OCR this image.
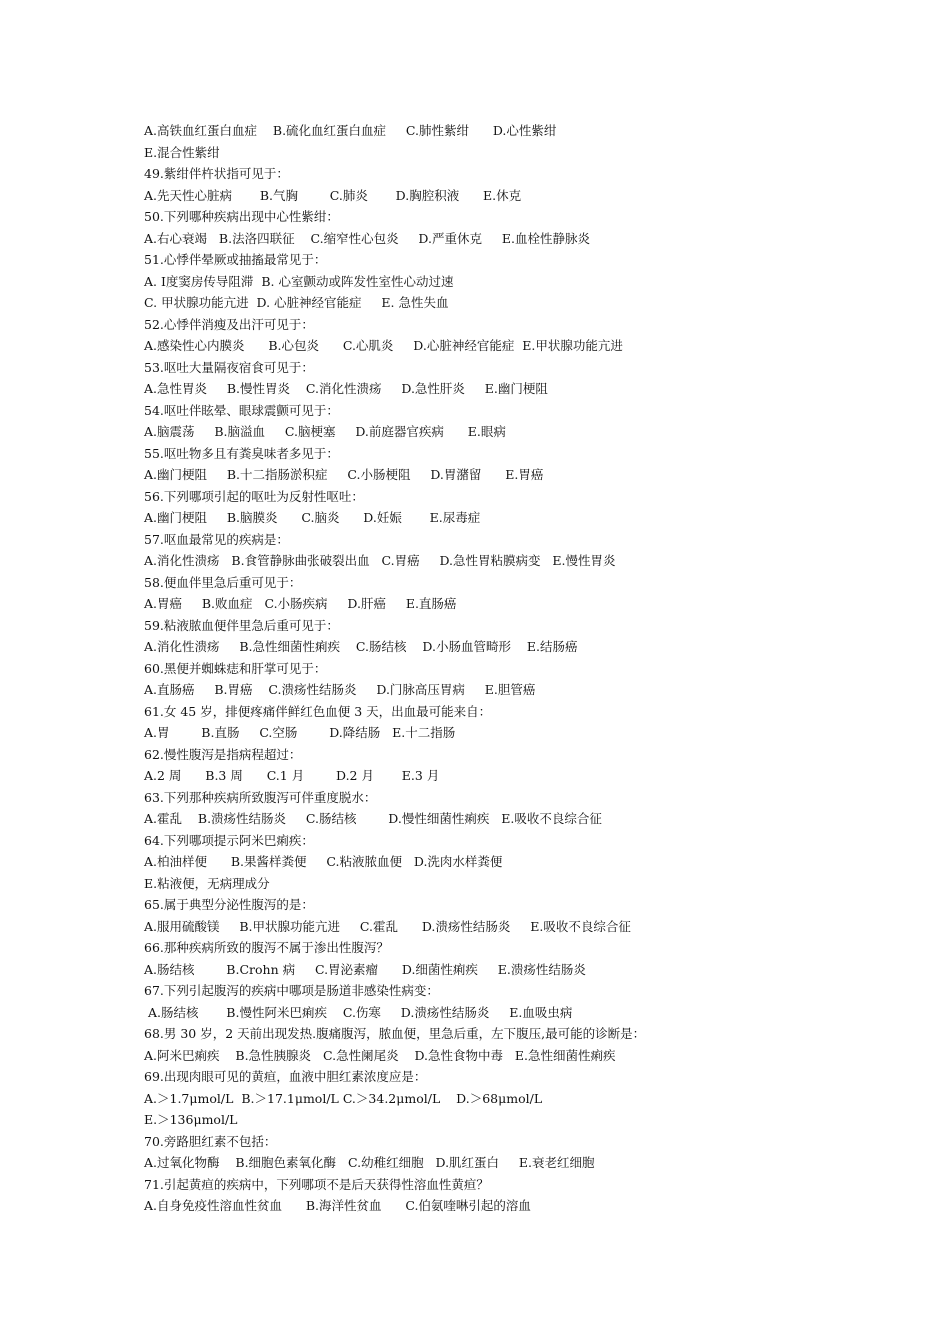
A.高铁血红蛋白血症    B.硫化血红蛋白血症     C.肺性紫绀      D.心性紫绀
E.混合性紫绀
49.紫绀伴杵状指可见于：
A.先天性心脏病       B.气胸        C.肺炎       D.胸腔积液      E.休克
50.下列哪种疾病出现中心性紫绀：
A.右心衰竭   B.法洛四联征    C.缩窄性心包炎     D.严重休克     E.血栓性静脉炎
51.心悸伴晕厥或抽搐最常见于：
A. Ⅰ度窦房传导阻滞  B. 心室颤动或阵发性室性心动过速
C. 甲状腺功能亢进  D. 心脏神经官能症     E. 急性失血
52.心悸伴消瘦及出汗可见于：
A.感染性心内膜炎      B.心包炎      C.心肌炎     D.心脏神经官能症  E.甲状腺功能亢进
53.呕吐大量隔夜宿食可见于：
A.急性胃炎     B.慢性胃炎    C.消化性溃疡     D.急性肝炎     E.幽门梗阻
54.呕吐伴眩晕、眼球震颤可见于：
A.脑震荡     B.脑溢血     C.脑梗塞     D.前庭器官疾病      E.眼病
55.呕吐物多且有粪臭味者多见于：
A.幽门梗阻     B.十二指肠淤积症     C.小肠梗阻     D.胃潴留      E.胃癌
56.下列哪项引起的呕吐为反射性呕吐：
A.幽门梗阻     B.脑膜炎      C.脑炎      D.妊娠       E.尿毒症
57.呕血最常见的疾病是：
A.消化性溃疡   B.食管静脉曲张破裂出血   C.胃癌     D.急性胃粘膜病变   E.慢性胃炎
58.便血伴里急后重可见于：
A.胃癌     B.败血症   C.小肠疾病     D.肝癌     E.直肠癌
59.粘液脓血便伴里急后重可见于：
A.消化性溃疡     B.急性细菌性痢疾    C.肠结核    D.小肠血管畸形    E.结肠癌
60.黑便并蜘蛛痣和肝掌可见于：
A.直肠癌     B.胃癌    C.溃疡性结肠炎     D.门脉高压胃病     E.胆管癌
61.女 45 岁，排便疼痛伴鲜红色血便 3 天，出血最可能来自：
A.胃        B.直肠     C.空肠        D.降结肠   E.十二指肠
62.慢性腹泻是指病程超过：
A.2 周      B.3 周      C.1 月        D.2 月       E.3 月
63.下列那种疾病所致腹泻可伴重度脱水：
A.霍乱    B.溃疡性结肠炎     C.肠结核        D.慢性细菌性痢疾   E.吸收不良综合征
64.下列哪项提示阿米巴痢疾：
A.柏油样便      B.果酱样粪便     C.粘液脓血便   D.洗肉水样粪便
E.粘液便，无病理成分
65.属于典型分泌性腹泻的是：
A.服用硫酸镁     B.甲状腺功能亢进     C.霍乱      D.溃疡性结肠炎     E.吸收不良综合征
66.那种疾病所致的腹泻不属于渗出性腹泻？
A.肠结核        B.Crohn 病     C.胃泌素瘤      D.细菌性痢疾     E.溃疡性结肠炎
67.下列引起腹泻的疾病中哪项是肠道非感染性病变：
A.肠结核       B.慢性阿米巴痢疾    C.伤寒     D.溃疡性结肠炎     E.血吸虫病
68.男 30 岁，2 天前出现发热.腹痛腹泻，脓血便，里急后重，左下腹压,最可能的诊断是：
A.阿米巴痢疾    B.急性胰腺炎   C.急性阑尾炎    D.急性食物中毒   E.急性细菌性痢疾
69.出现肉眼可见的黄疸，血液中胆红素浓度应是：
A.＞1.7μmol/L  B.＞17.1μmol/L C.＞34.2μmol/L    D.＞68μmol/L
E.＞136μmol/L
70.旁路胆红素不包括：
A.过氧化物酶    B.细胞色素氧化酶   C.幼稚红细胞   D.肌红蛋白     E.衰老红细胞
71.引起黄疸的疾病中，下列哪项不是后天获得性溶血性黄疸？
A.自身免疫性溶血性贫血      B.海洋性贫血      C.伯氨喹啉引起的溶血
